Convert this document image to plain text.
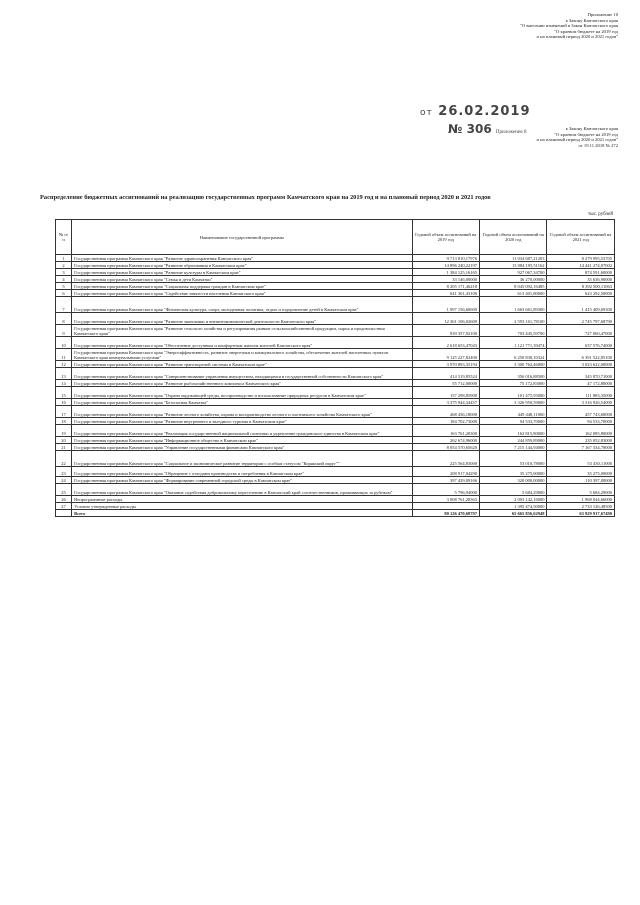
Приложение 10
к Закону Камчатского края
"О внесении изменений в Закон Камчатского края
"О краевом бюджете на 2019 год
и на плановый период 2020 и 2021 годов"
от 26.02.2019
№ 306 Приложение 8
к Закону Камчатского края
"О краевом бюджете на 2019 год
и на плановый период 2020 и 2021 годов"
от 19.11.2018 № 272
Распределение бюджетных ассигнований на реализацию государственных программ Камчатского края на 2019 год и на плановый период 2020 и 2021 годов
тыс. рублей
№ п/п	Наименование государственной программы	Годовой объем ассигнований на 2019 год	Годовой объем ассигнований на 2020 год	Годовой объем ассигнований на 2021 год
1	Государственная программа Камчатского края "Развитие здравоохранения Камчатского края"	9 713 810,17976	11 034 687,21203	8 279 995,53705
2	Государственная программа Камчатского края "Развитие образования в Камчатском крае"	14 896 240,22197	13 984 195,51162	14 441 274,07002
3	Государственная программа Камчатского края "Развитие культуры в Камчатском крае"	1 384 125,16165	927 067,34700	874 591,60000
4	Государственная программа Камчатского края "Семья и дети Камчатки"	33 146,00000	36 270,00000	35 636,90000
5	Государственная программа Камчатского края "Социальная поддержка граждан в Камчатском крае"	8 205 171,46218	8 045 092,16485	8 392 500,11063
6	Государственная программа Камчатского края "Содействие занятости населения Камчатского края"	641 301,43100	613 401,80000	623 292,50000
7	Государственная программа Камчатского края "Физическая культура, спорт, молодежная политика, отдых и оздоровление детей в Камчатском крае"	1 997 156,60600	1 663 661,89300	1 415 409,69300
8	Государственная программа Камчатского края "Развитие экономики и внешнеэкономической деятельности Камчатского края"	12 361 106,02609	2 593 161,78100	2 745 797,68790
9	Государственная программа Камчатского края "Развитие сельского хозяйства и регулирования рынков сельскохозяйственной продукции, сырья и продовольствия Камчатского края"	939 357,92100	703 445,59700	727 060,47000
10	Государственная программа Камчатского края "Обеспечение доступным и комфортным жильем жителей Камчатского края"	2 618 653,47043	1 121 771,39474	637 576,74000
11	Государственная программа Камчатского края "Энергоэффективность, развитие энергетики и коммунального хозяйства, обеспечение жителей населенных пунктов Камчатского края коммунальными услугами"	9 125 227,82400	6 250 838,10324	6 391 522,85100
12	Государственная программа Камчатского края "Развитие транспортной системы в Камчатском крае"	3 970 893,35194	3 300 762,46000	3 023 622,00000
13	Государственная программа Камчатского края "Совершенствование управления имуществом, находящимся в государственной собственности Камчатского края"	414 319,85524	356 016,88500	345 870,71000
14	Государственная программа Камчатского края "Развитие рыбохозяйственного комплекса Камчатского края"	55 712,00000	75 172,83000	47 172,80000
15	Государственная программа Камчатского края "Охрана окружающей среды, воспроизводство и использование природных ресурсов в Камчатском крае"	157 298,85900	101 475,95000	111 883,35000
16	Государственная программа Камчатского края "Безопасная Камчатка"	3 375 944,34457	3 326 950,59000	3 316 926,54000
17	Государственная программа Камчатского края "Развитие лесного хозяйства, охрана и воспроизводство лесного и охотничьего хозяйства Камчатского края"	468 436,18000	449 448,11000	457 743,68000
18	Государственная программа Камчатского края "Развитие внутреннего и въездного туризма в Камчатском крае"	184 702,73000	94 533,70000	94 533,70000
19	Государственная программа Камчатского края "Реализация государственной национальной политики и укрепление гражданского единства в Камчатском крае"	163 761,20300	162 815,80000	162 085,80000
20	Государственная программа Камчатского края "Информационное общество в Камчатском крае"	262 674,96000	244 859,89000	235 052,83000
21	Государственная программа Камчатского края "Управление государственными финансами Камчатского края"	8 054 570,65620	7 215 144,94000	7 167 334,78000
22	Государственная программа Камчатского края "Социальное и экономическое развитие территории с особым статусом "Корякский округ""	225 564,83000	53 010,78000	53 430,11000
23	Государственная программа Камчатского края "Обращение с отходами производства и потребления в Камчатском крае"	208 917,04290	35 275,00000	35 275,00000
24	Государственная программа Камчатского края "Формирование современной городской среды в Камчатском крае"	397 439,09166	320 000,00000	110 397,00000
25	Государственная программа Камчатского края "Оказание содействия добровольному переселению в Камчатский край соотечественников, проживающих за рубежом"	5 796,94000	5 684,29000	5 684,29000
26	Непрограммные расходы	3 008 761,28363	2 093 142,16000	1 968 044,66000
27	Условно утвержденные расходы		1 395 474,50000	2 733 126,48500
	Всего	80 126 470,68797	65 665 856,62948	63 929 917,67490
